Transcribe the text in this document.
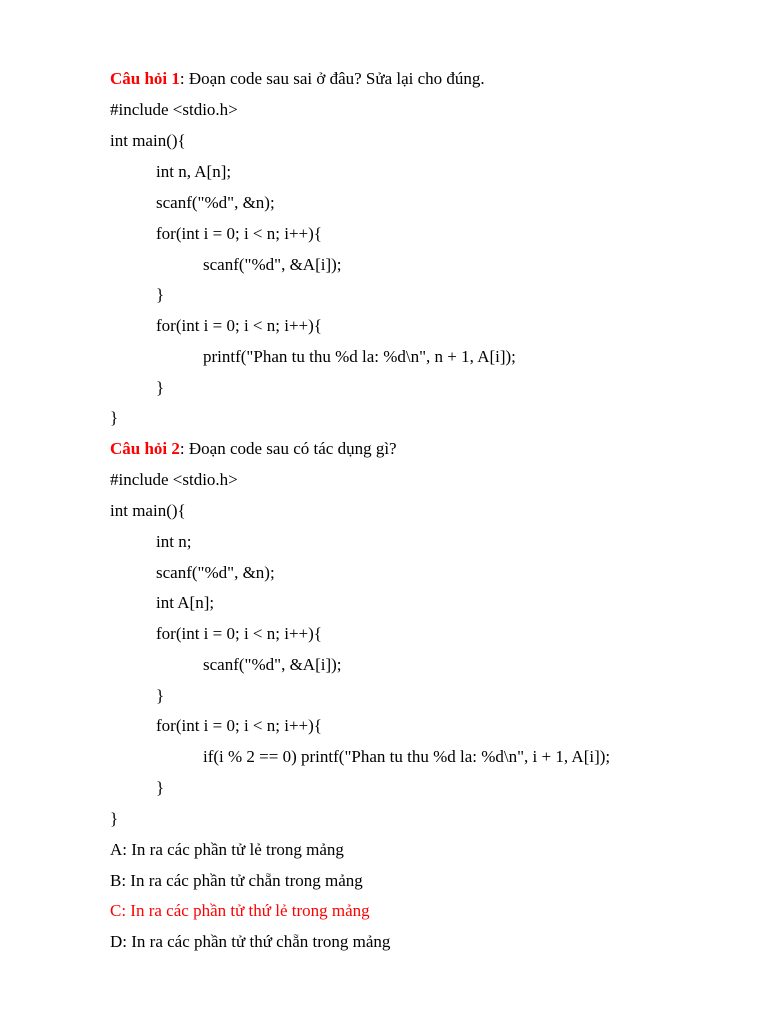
Câu hỏi 1: Đoạn code sau sai ở đâu? Sửa lại cho đúng.
#include <stdio.h>
int main(){
int n, A[n];
scanf("%d", &n);
for(int i = 0; i < n; i++){
scanf("%d", &A[i]);
}
for(int i = 0; i < n; i++){
printf("Phan tu thu %d la: %d\n", n + 1, A[i]);
}
}
Câu hỏi 2: Đoạn code sau có tác dụng gì?
#include <stdio.h>
int main(){
int n;
scanf("%d", &n);
int A[n];
for(int i = 0; i < n; i++){
scanf("%d", &A[i]);
}
for(int i = 0; i < n; i++){
if(i % 2 == 0) printf("Phan tu thu %d la: %d\n", i + 1, A[i]);
}
}
A: In ra các phần tử lẻ trong mảng
B: In ra các phần tử chẵn trong mảng
C: In ra các phần tử thứ lẻ trong mảng
D: In ra các phần tử thứ chẵn trong mảng
